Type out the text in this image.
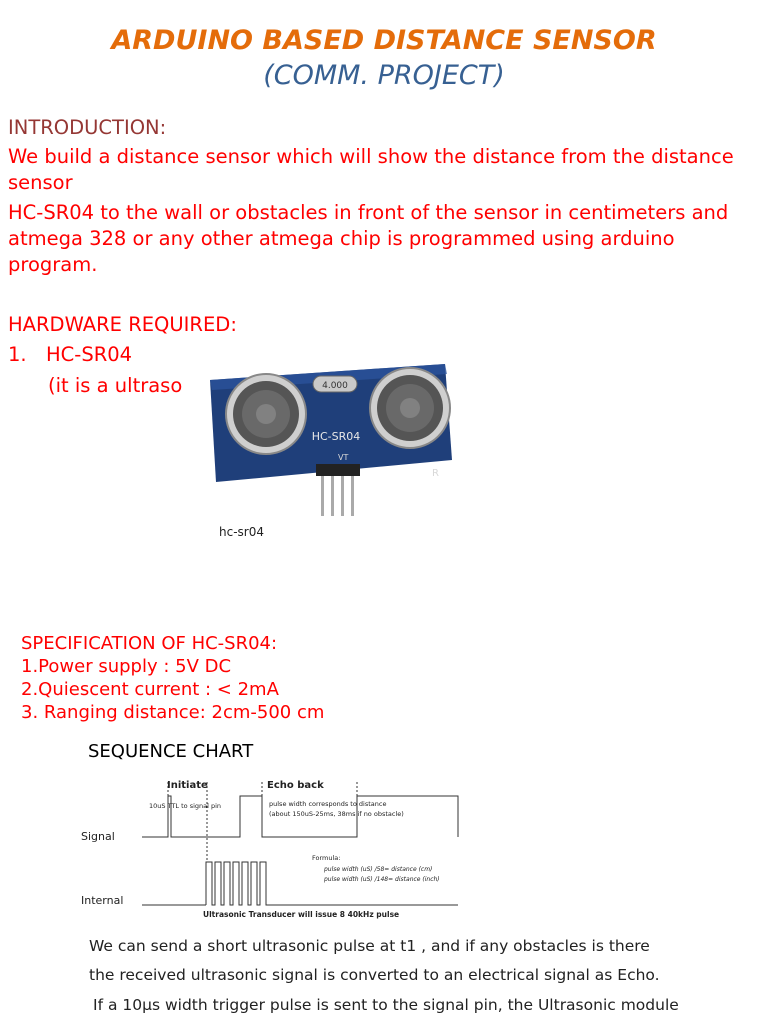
ARDUINO BASED DISTANCE SENSOR
(COMM. PROJECT)
INTRODUCTION:
We build a distance sensor which will show the distance from the distance sensor
HC-SR04 to the wall or obstacles in front of the sensor in centimeters and atmega 328 or any other atmega chip is programmed using arduino program.
HARDWARE REQUIRED:
1. HC-SR04
(it is a ultraso	4.000
HC-SR04
R
VT
hc-sr04
SPECIFICATION OF HC-SR04:
1.Power supply : 5V DC
2.Quiescent current : < 2mA
3. Ranging distance: 2cm-500 cm
SEQUENCE CHART
Initiate	Echo back
10uS TTL to signal pin	pulse width corresponds to distance
(about 150uS-25ms, 38ms if no obstacle)
Signal
Internal
Formula:
pulse width (uS) /58= distance (cm)
pulse width (uS) /148= distance (inch)
Ultrasonic Transducer will issue 8 40kHz pulse
We can send a short ultrasonic pulse at t1 , and if any obstacles is there
the received ultrasonic signal is converted to an electrical signal as Echo.
If a 10μs width trigger pulse is sent to the signal pin, the Ultrasonic module
